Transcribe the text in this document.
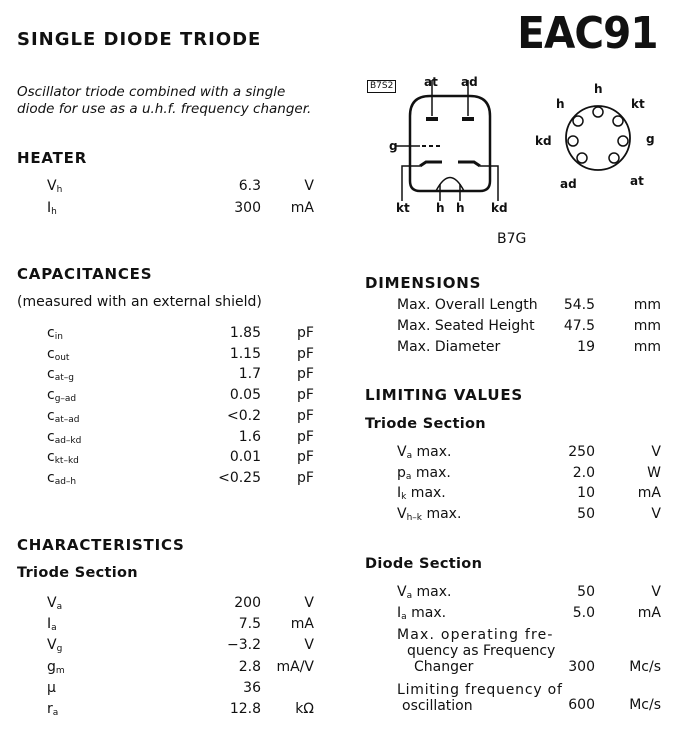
SINGLE DIODE TRIODE	EAC91
Oscillator triode combined with a single
diode for use as a u.h.f. frequency changer.
B7S2	at ad
g
kt h h kd
h
h	kt
g
kd
ad	at
B7G
HEATER
$V_h$	6.3	V
$I_h$	300 mA
CAPACITANCES
(measured with an external shield)
$c_{in}$	1.85	pF
$c_{out}$	1.15	pF
$c_{at-g}$	1.7	pF
$c_{g-ad}$	0.05	pF
$c_{at-ad}$	<0.2	pF
$c_{ad-kd}$	1.6	pF
$c_{kt-kd}$	0.01	pF
$c_{ad-h}$	<0.25	pF
CHARACTERISTICS
Triode Section
$V_a$	200	V
$I_a$	7.5 mA
$V_g$	−3.2	V
$g_m$	2.8 mA/V
μ	36
$r_a$	12.8 kΩ
DIMENSIONS
Max. Overall Length 54.5	mm
Max. Seated Height 47.5	mm
Max. Diameter	19	mm
LIMITING VALUES
Triode Section
$V_a$ max.	250	V
$p_a$ max.	2.0	W
$I_k$ max.	10	mA
$V_{h-k}$ max.	50	V
Diode Section
$V_a$ max.	50	V
$I_a$ max.	5.0	mA
Max. operating fre-
quency as Frequency
Changer	300 Mc/s
Limiting frequency of
oscillation	600 Mc/s
